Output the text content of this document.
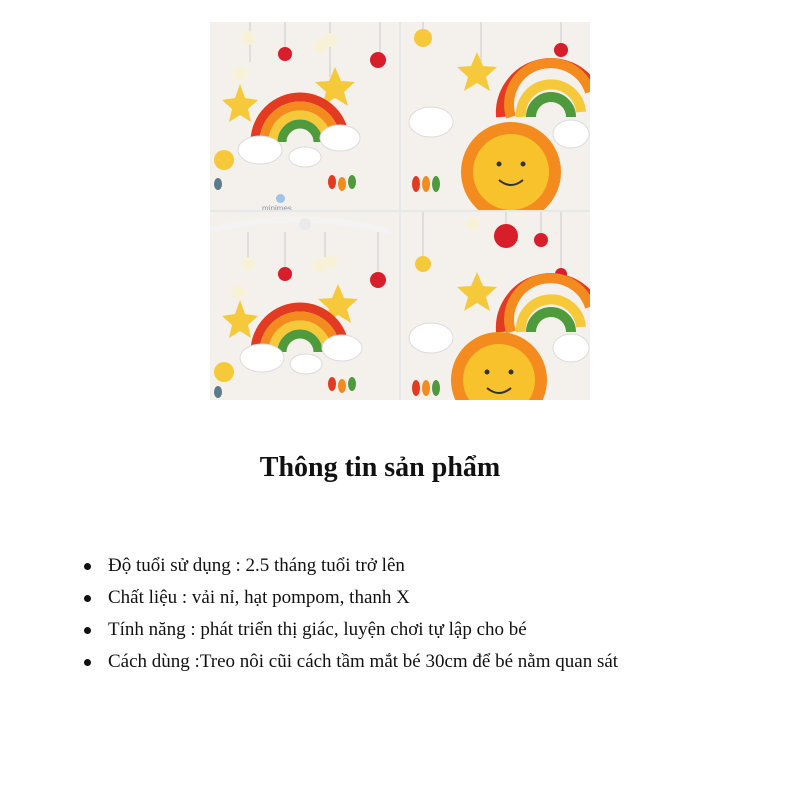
minimes
Thông tin sản phẩm
Độ tuổi sử dụng : 2.5 tháng tuổi trở lên
Chất liệu : vải nỉ, hạt pompom, thanh X
Tính năng : phát triển thị giác, luyện chơi tự lập cho bé
Cách dùng :Treo nôi cũi cách tầm mắt bé 30cm để bé nằm quan sát
